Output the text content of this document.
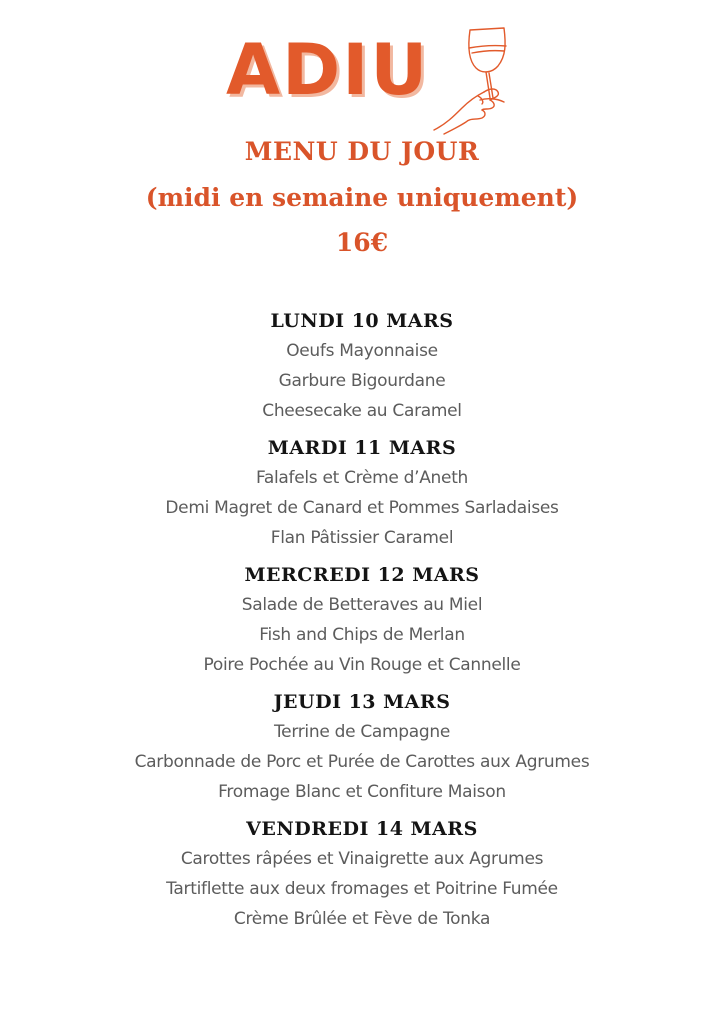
ADIU

MENU DU JOUR

(midi en semaine uniquement)

16€

LUNDI 10 MARS
Oeufs Mayonnaise
Garbure Bigourdane
Cheesecake au Caramel
MARDI 11 MARS
Falafels et Crème d’Aneth
Demi Magret de Canard et Pommes Sarladaises
Flan Pâtissier Caramel
MERCREDI 12 MARS
Salade de Betteraves au Miel
Fish and Chips de Merlan
Poire Pochée au Vin Rouge et Cannelle
JEUDI 13 MARS
Terrine de Campagne
Carbonnade de Porc et Purée de Carottes aux Agrumes
Fromage Blanc et Confiture Maison
VENDREDI 14 MARS
Carottes râpées et Vinaigrette aux Agrumes
Tartiflette aux deux fromages et Poitrine Fumée
Crème Brûlée et Fève de Tonka
